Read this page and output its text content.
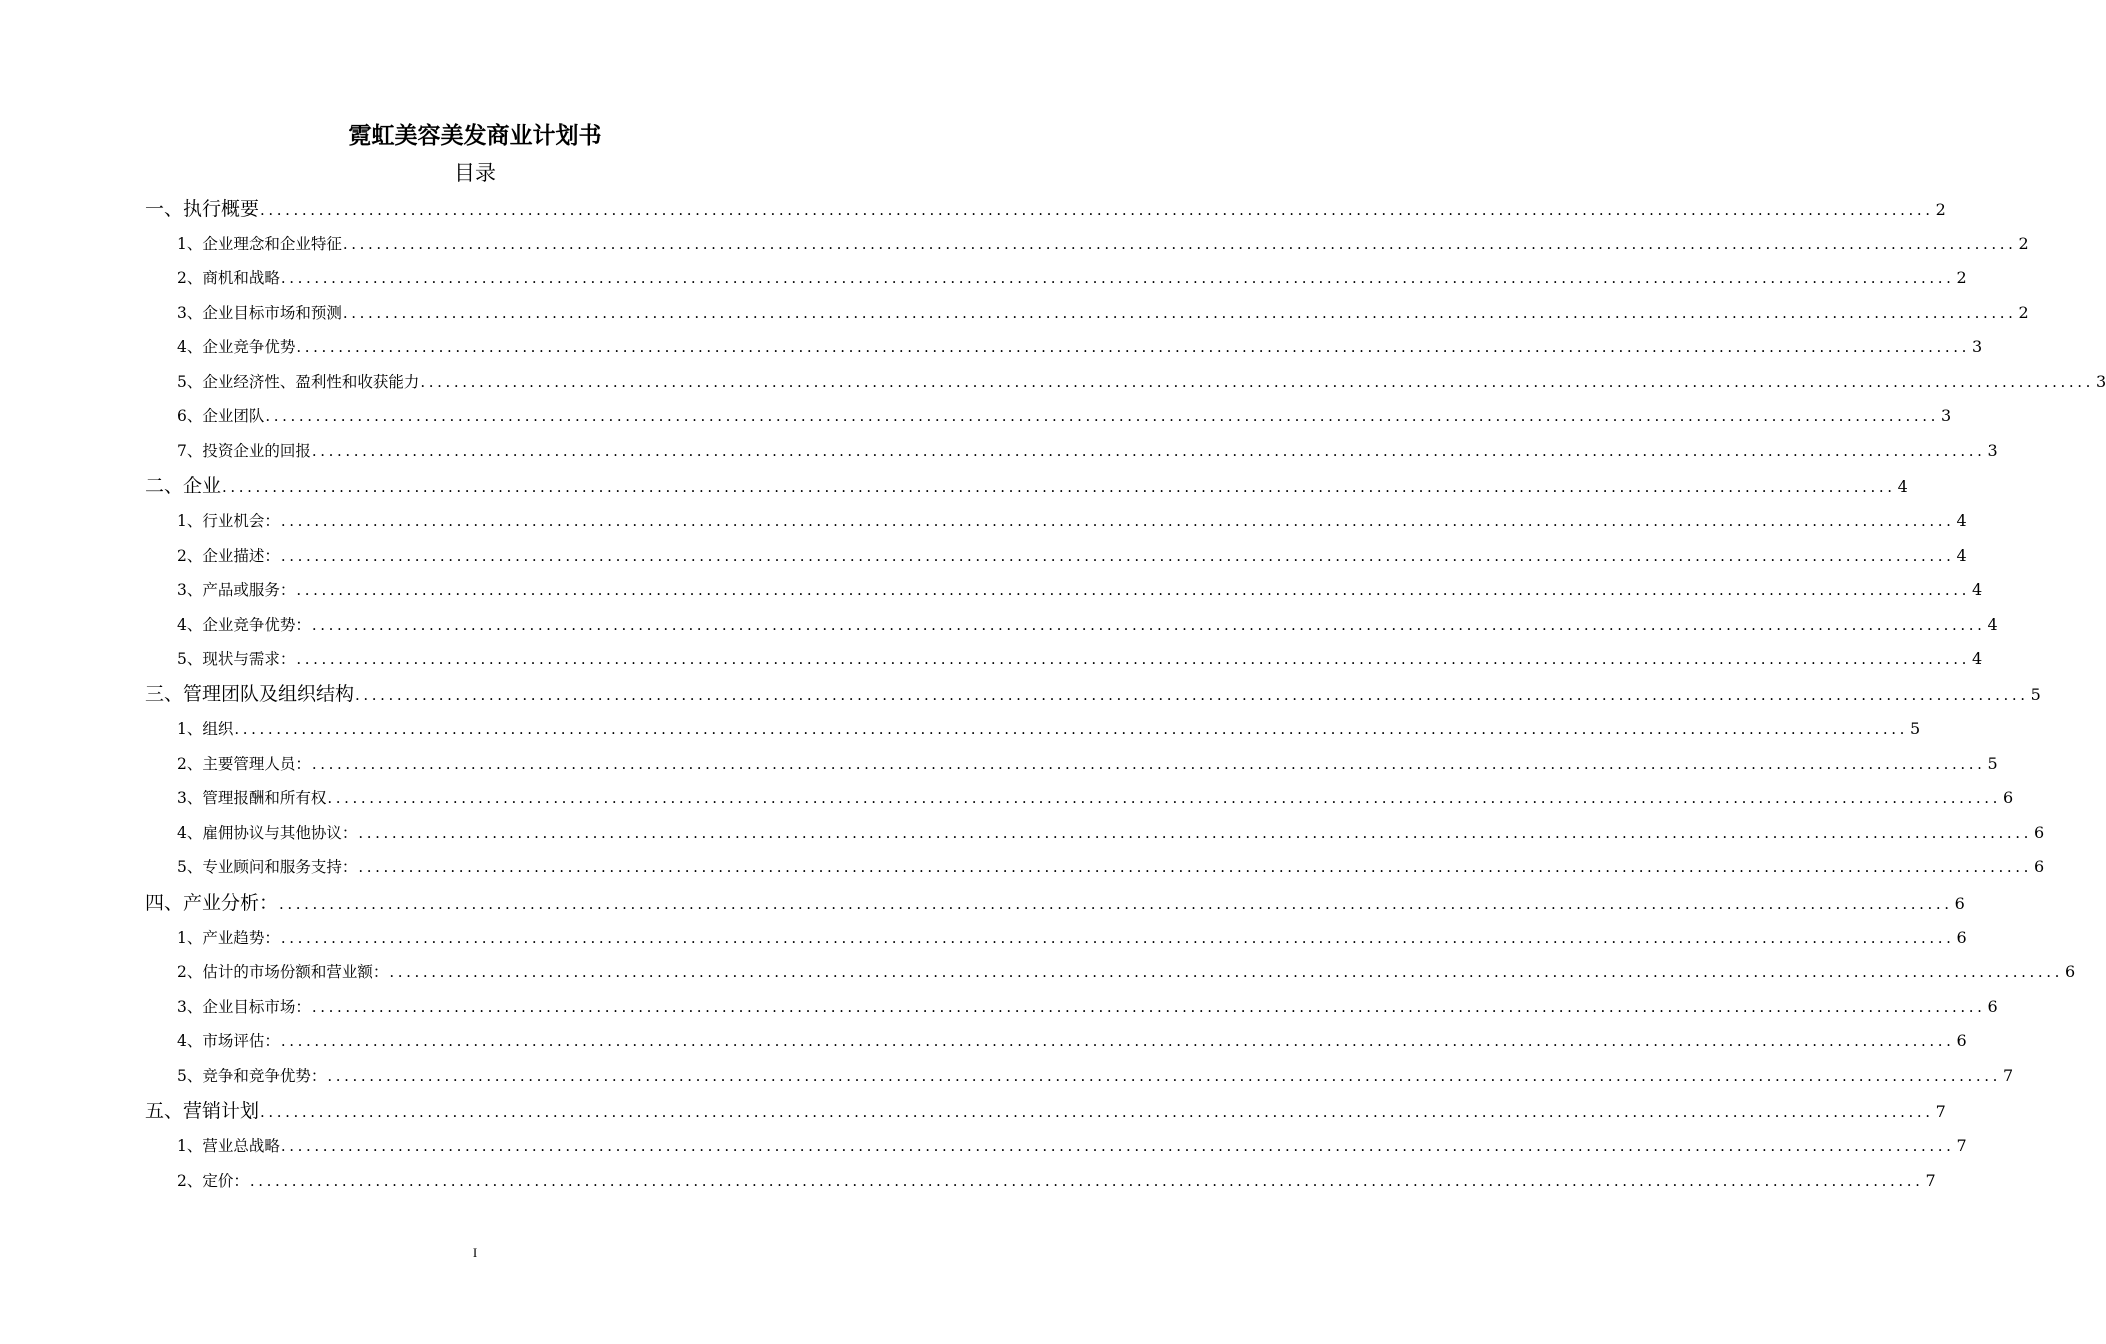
霓虹美容美发商业计划书
目录
一、执行概要 ........................................................................................................................................................................................................ 2
1、企业理念和企业特征 ........................................................................................................................................................................................................ 2
2、商机和战略 ........................................................................................................................................................................................................ 2
3、企业目标市场和预测 ........................................................................................................................................................................................................ 2
4、企业竞争优势 ........................................................................................................................................................................................................ 3
5、企业经济性、盈利性和收获能力 ........................................................................................................................................................................................................ 3
6、企业团队 ........................................................................................................................................................................................................ 3
7、投资企业的回报 ........................................................................................................................................................................................................ 3
二、企业 ........................................................................................................................................................................................................ 4
1、行业机会： ........................................................................................................................................................................................................ 4
2、企业描述： ........................................................................................................................................................................................................ 4
3、产品或服务： ........................................................................................................................................................................................................ 4
4、企业竞争优势： ........................................................................................................................................................................................................ 4
5、现状与需求： ........................................................................................................................................................................................................ 4
三、管理团队及组织结构 ........................................................................................................................................................................................................ 5
1、组织 ........................................................................................................................................................................................................ 5
2、主要管理人员： ........................................................................................................................................................................................................ 5
3、管理报酬和所有权 ........................................................................................................................................................................................................ 6
4、雇佣协议与其他协议： ........................................................................................................................................................................................................ 6
5、专业顾问和服务支持： ........................................................................................................................................................................................................ 6
四、产业分析： ........................................................................................................................................................................................................ 6
1、产业趋势： ........................................................................................................................................................................................................ 6
2、估计的市场份额和营业额： ........................................................................................................................................................................................................ 6
3、企业目标市场： ........................................................................................................................................................................................................ 6
4、市场评估： ........................................................................................................................................................................................................ 6
5、竞争和竞争优势： ........................................................................................................................................................................................................ 7
五、营销计划 ........................................................................................................................................................................................................ 7
1、营业总战略 ........................................................................................................................................................................................................ 7
2、定价： ........................................................................................................................................................................................................ 7
I
